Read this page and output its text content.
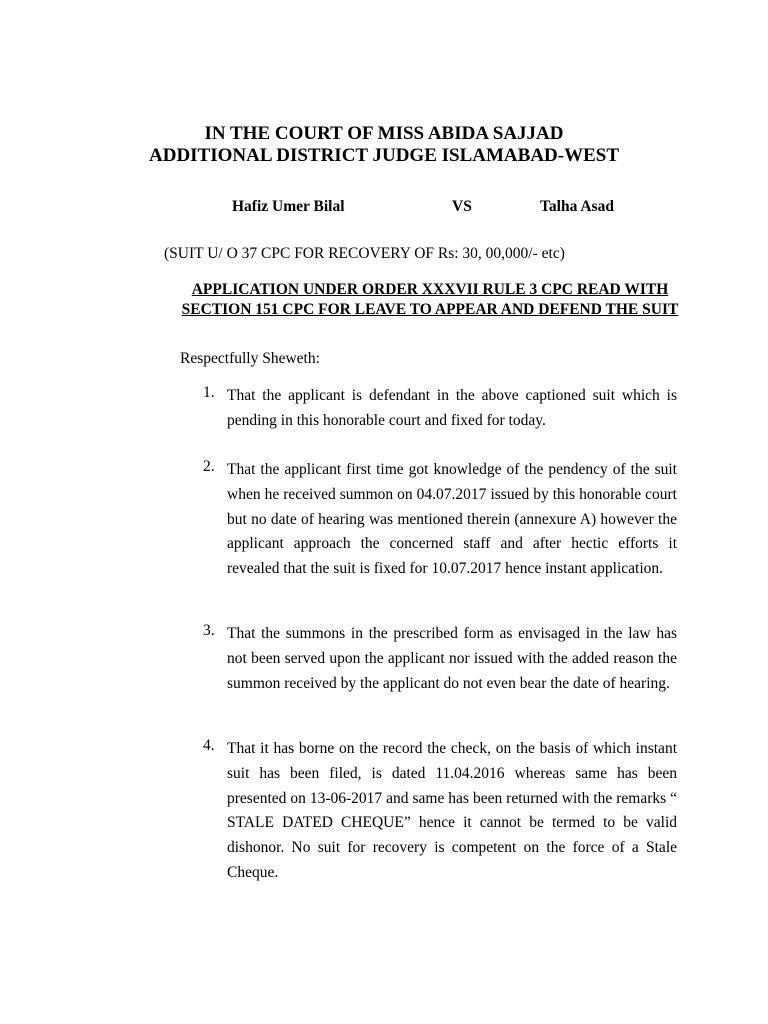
IN THE COURT OF MISS ABIDA SAJJAD
ADDITIONAL DISTRICT JUDGE ISLAMABAD-WEST
Hafiz Umer Bilal	VS	Talha Asad
(SUIT U/ O 37 CPC FOR RECOVERY OF Rs: 30, 00,000/- etc)
APPLICATION UNDER ORDER XXXVII RULE 3 CPC READ WITH SECTION 151 CPC FOR LEAVE TO APPEAR AND DEFEND THE SUIT
Respectfully Sheweth:
1. That the applicant is defendant in the above captioned suit which is pending in this honorable court and fixed for today.
2. That the applicant first time got knowledge of the pendency of the suit when he received summon on 04.07.2017 issued by this honorable court but no date of hearing was mentioned therein (annexure A) however the applicant approach the concerned staff and after hectic efforts it revealed that the suit is fixed for 10.07.2017 hence instant application.
3. That the summons in the prescribed form as envisaged in the law has not been served upon the applicant nor issued with the added reason the summon received by the applicant do not even bear the date of hearing.
4. That it has borne on the record the check, on the basis of which instant suit has been filed, is dated 11.04.2016 whereas same has been presented on 13-06-2017 and same has been returned with the remarks “ STALE DATED CHEQUE” hence it cannot be termed to be valid dishonor. No suit for recovery is competent on the force of a Stale Cheque.
